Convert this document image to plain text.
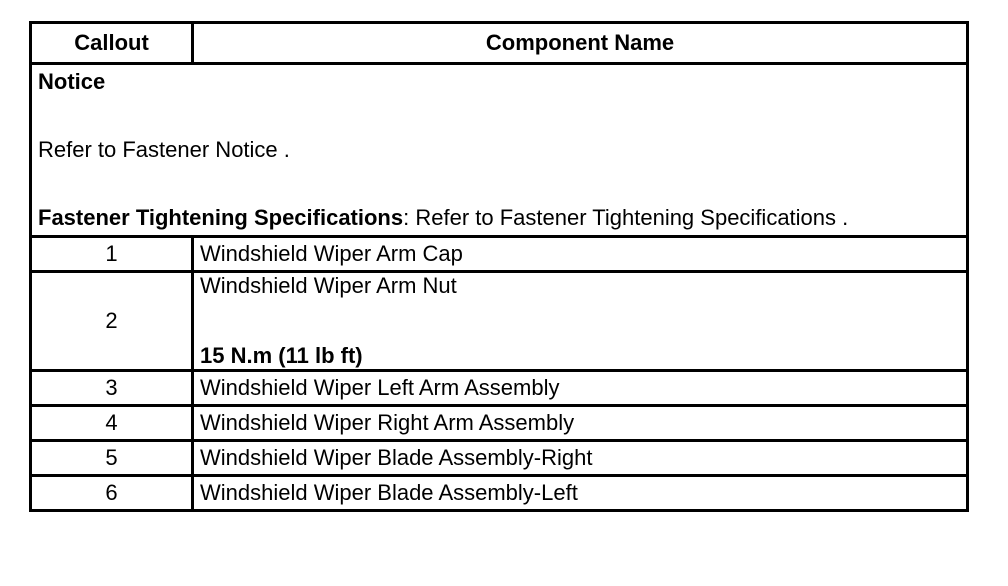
Callout	Component Name

Notice
Refer to Fastener Notice .
Fastener Tightening Specifications: Refer to Fastener Tightening Specifications .	

1	Windshield Wiper Arm Cap
2	Windshield Wiper Arm Nut
15 N.m (11 lb ft)

3	Windshield Wiper Left Arm Assembly
4	Windshield Wiper Right Arm Assembly
5	Windshield Wiper Blade Assembly-Right
6	Windshield Wiper Blade Assembly-Left
